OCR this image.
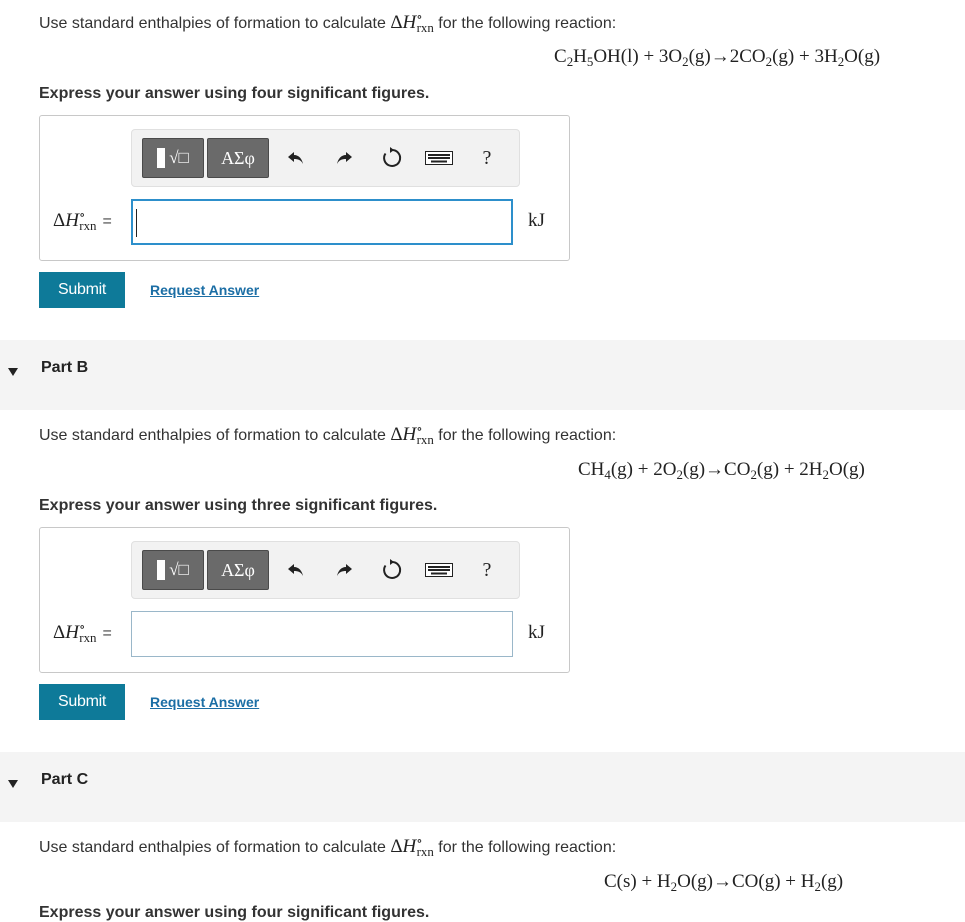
Use standard enthalpies of formation to calculate $\Delta H^\circ_{rxn}$ for the following reaction:
$C_2H_5OH(l) + 3O_2(g)\to 2CO_2(g) + 3H_2O(g)$
Express your answer using four significant figures.
√□	ΑΣφ	?
$\Delta H^\circ_{rxn}$ =	kJ
Submit	Request Answer
Part B
Use standard enthalpies of formation to calculate $\Delta H^\circ_{rxn}$ for the following reaction:
$CH_4(g) + 2O_2(g)\to CO_2(g) + 2H_2O(g)$
Express your answer using three significant figures.
√□	ΑΣφ	?
$\Delta H^\circ_{rxn}$ =	kJ
Submit	Request Answer
Part C
Use standard enthalpies of formation to calculate $\Delta H^\circ_{rxn}$ for the following reaction:
$C(s) + H_2O(g)\to CO(g) + H_2(g)$
Express your answer using four significant figures.
